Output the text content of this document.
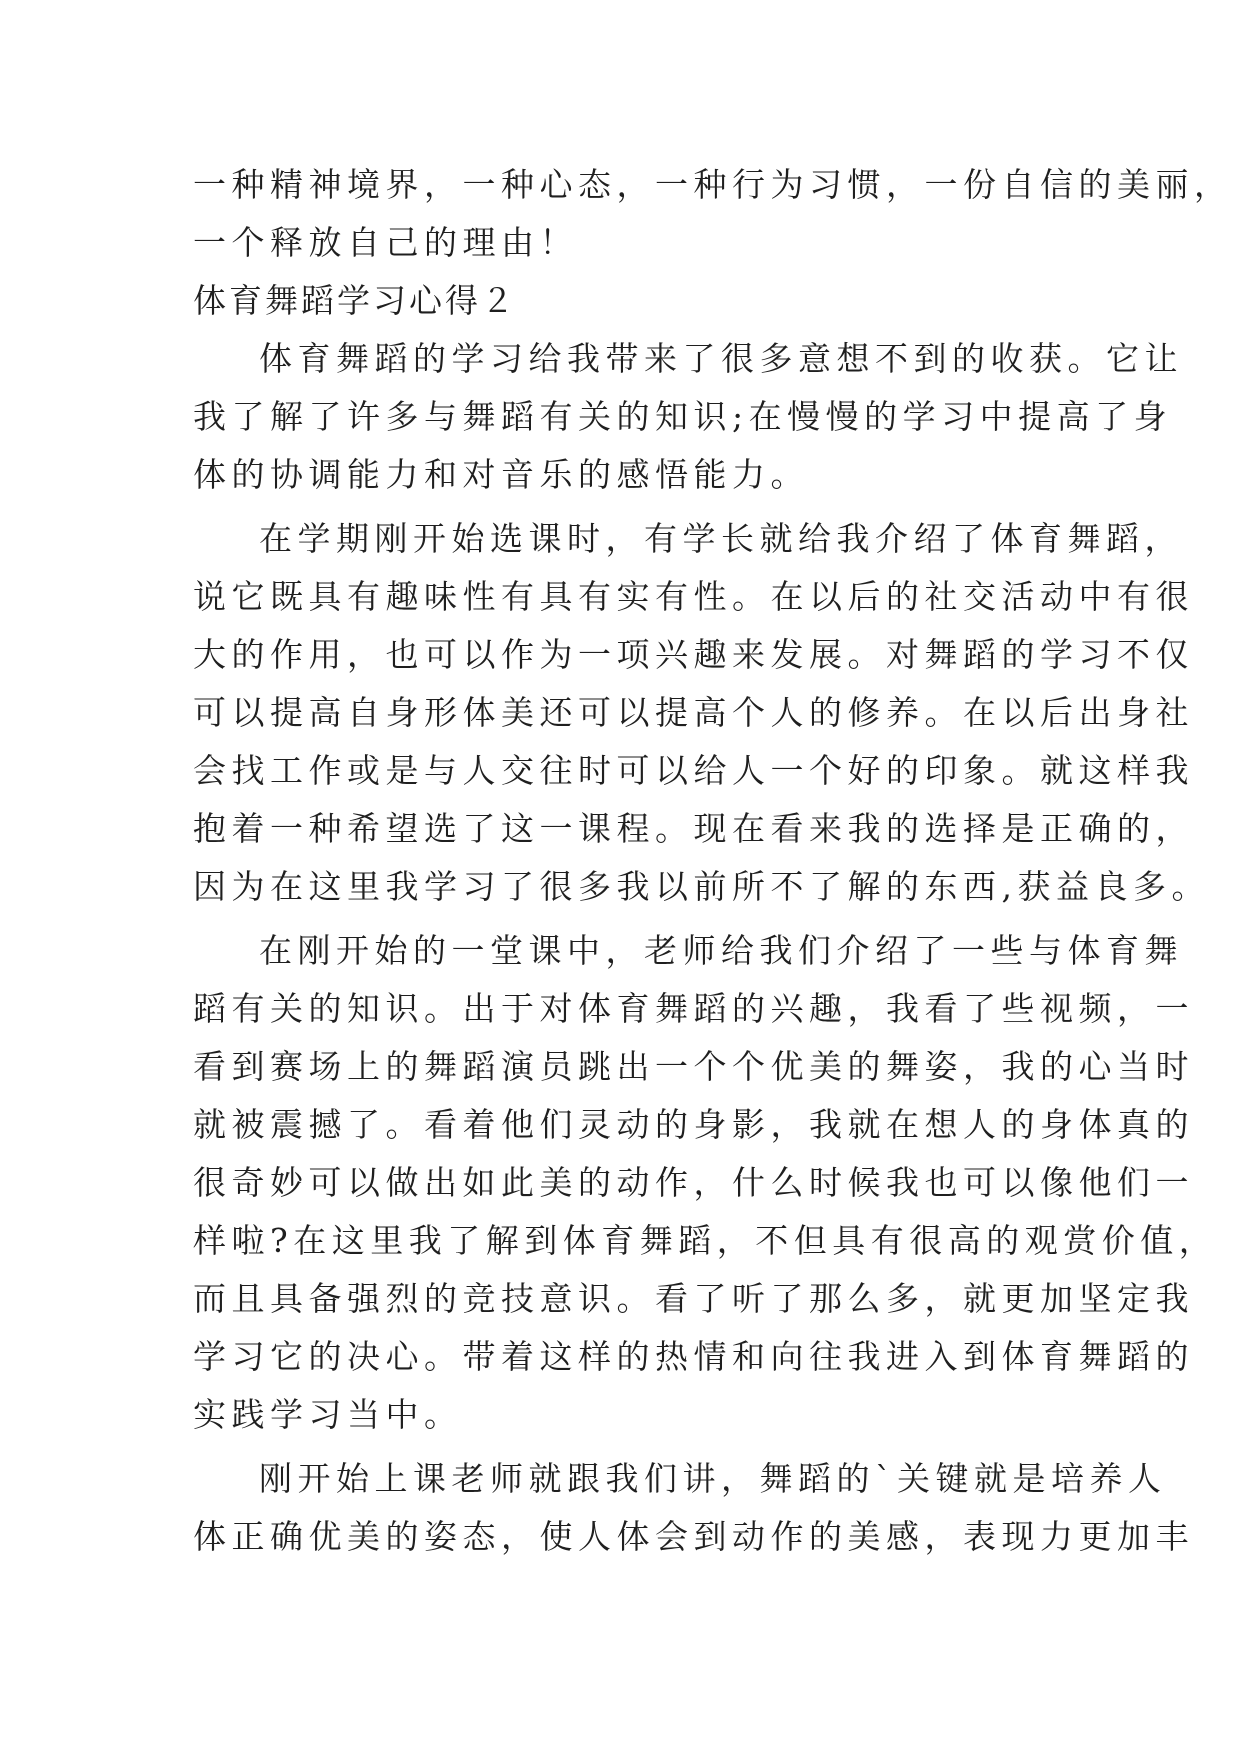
一种精神境界，一种心态，一种行为习惯，一份自信的美丽，
一个释放自己的理由！
体育舞蹈学习心得２
体育舞蹈的学习给我带来了很多意想不到的收获。它让
我了解了许多与舞蹈有关的知识;在慢慢的学习中提高了身
体的协调能力和对音乐的感悟能力。
在学期刚开始选课时，有学长就给我介绍了体育舞蹈，
说它既具有趣味性有具有实有性。在以后的社交活动中有很
大的作用，也可以作为一项兴趣来发展。对舞蹈的学习不仅
可以提高自身形体美还可以提高个人的修养。在以后出身社
会找工作或是与人交往时可以给人一个好的印象。就这样我
抱着一种希望选了这一课程。现在看来我的选择是正确的，
因为在这里我学习了很多我以前所不了解的东西,获益良多。
在刚开始的一堂课中，老师给我们介绍了一些与体育舞
蹈有关的知识。出于对体育舞蹈的兴趣，我看了些视频，一
看到赛场上的舞蹈演员跳出一个个优美的舞姿，我的心当时
就被震撼了。看着他们灵动的身影，我就在想人的身体真的
很奇妙可以做出如此美的动作，什么时候我也可以像他们一
样啦?在这里我了解到体育舞蹈，不但具有很高的观赏价值，
而且具备强烈的竞技意识。看了听了那么多，就更加坚定我
学习它的决心。带着这样的热情和向往我进入到体育舞蹈的
实践学习当中。
刚开始上课老师就跟我们讲，舞蹈的`关键就是培养人
体正确优美的姿态，使人体会到动作的美感，表现力更加丰
